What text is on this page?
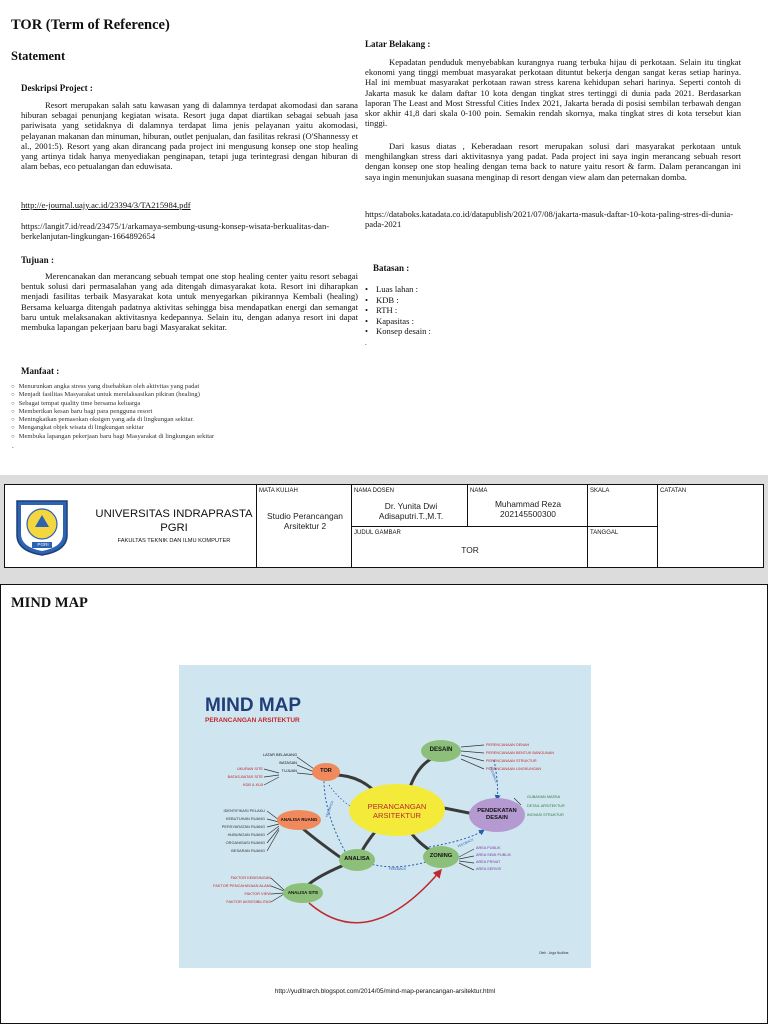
TOR (Term of Reference)
Statement
Deskripsi Project :

Resort merupakan salah satu kawasan yang di dalamnya terdapat akomodasi dan sarana hiburan sebagai penunjang kegiatan wisata. Resort juga dapat diartikan sebagai sebuah jasa pariwisata yang setidaknya di dalamnya terdapat lima jenis pelayanan yaitu akomodasi, pelayanan makanan dan minuman, hiburan, outlet penjualan, dan fasilitas rekrasi (O'Shannessy et al., 2001:5). Resort yang akan dirancang pada project ini mengusung konsep one stop healing yang artinya tidak hanya menyediakan penginapan, tetapi juga terintegrasi dengan hiburan di alam bebas, eco petualangan dan eduwisata.

http://e-journal.uajy.ac.id/23394/3/TA215984.pdf
https://langit7.id/read/23475/1/arkamaya-sembung-usung-konsep-wisata-berkualitas-dan-berkelanjutan-lingkungan-1664892654
Tujuan :

Merencanakan dan merancang sebuah tempat one stop healing center yaitu resort sebagai bentuk solusi dari permasalahan yang ada ditengah dimasyarakat kota. Resort ini diharapkan menjadi fasilitas terbaik Masyarakat kota untuk menyegarkan pikirannya Kembali (healing) Bersama keluarga ditengah padatnya aktivitas sehingga bisa mendapatkan energi dan semangat baru untuk melaksanakan aktivitasnya kedepannya. Selain itu, dengan adanya resort ini dapat membuka lapangan pekerjaan baru bagi Masyarakat sekitar.

Manfaat :
○ Menurunkan angka stress yang disebabkan oleh aktivitas yang padat
○ Menjadi fasilitas Masyarakat untuk merelaksasikan pikiran (healing)
○ Sebagai tempat quality time bersama keluarga
○ Memberikan kesan baru bagi para pengguna resort
○ Meningkatkan pemasokan oksigen yang ada di lingkungan sekitar.
○ Mengangkat objek wisata di lingkungan sekitar
○ Membuka lapangan pekerjaan baru bagi Masyarakat di lingkungan sekitar
.
Latar Belakang :

Kepadatan penduduk menyebabkan kurangnya ruang terbuka hijau di perkotaan. Selain itu tingkat ekonomi yang tinggi membuat masyarakat perkotaan dituntut bekerja dengan sangat keras setiap harinya. Hal ini membuat masyarakat perkotaan rawan stress karena kehidupan sehari harinya. Seperti contoh di Jakarta masuk ke dalam daftar 10 kota dengan tingkat stres tertinggi di dunia pada 2021. Berdasarkan laporan The Least and Most Stressful Cities Index 2021, Jakarta berada di posisi sembilan terbawah dengan skor akhir 41,8 dari skala 0-100 poin. Semakin rendah skornya, maka tingkat stres di kota tersebut kian tinggi.

Dari kasus diatas , Keberadaan resort merupakan solusi dari masyarakat perkotaan untuk menghilangkan stress dari aktivitasnya yang padat. Pada project ini saya ingin merancang sebuah resort dengan konsep one stop healing dengan tema back to nature yaitu resort & farm. Dalam perancangan ini saya ingin menunjukan suasana menginap di resort dengan view alam dan peternakan domba.

https://databoks.katadata.co.id/datapublish/2021/07/08/jakarta-masuk-daftar-10-kota-paling-stres-di-dunia-pada-2021
Batasan :
• Luas lahan :
• KDB :
• RTH :
• Kapasitas :
• Konsep desain :
.
PGRI
UNIVERSITAS INDRAPRASTA PGRI
FAKULTAS TEKNIK DAN ILMU KOMPUTER
MATA KULIAH
Studio Perancangan Arsitektur 2
NAMA DOSEN
Dr. Yunita Dwi Adisaputri.T.,M.T.
NAMA
Muhammad Reza 202145500300
SKALA	CATATAN
JUDUL GAMBAR
TOR
TANGGAL
MIND MAP
MIND MAP
PERANCANGAN ARSITEKTUR
PERANCANGAN ARSITEKTUR
TOR
DESAIN
PENDEKATAN DESAIN
ZONING
ANALISA
ANALISA RUANG
ANALISA SITE
LATAR BELAKANG
BATASAN
TUJUAN
UKURAN SITE
BATAS-BATAS SITE
KDB & KLB
PERENCANAAN DENAH
PERENCANAAN BENTUK BANGUNAN
PERENCANAAN STRUKTUR
PERENCANAAN LINGKUNGAN
GUBAHAN MASSA
DETAIL ARSITEKTUR
INOVASI STRUKTUR
AREA PUBLIK
AREA SEMI PUBLIK
AREA PRIVAT
AREA SERVIS
IDENTIFIKASI PELAKU
KEBUTUHAN RUANG
PERSYARATAN RUANG
HUBUNGAN RUANG
ORGANISASI RUANG
BESARAN RUANG
FAKTOR KEBISINGAN
FAKTOR PENCAHAYAAN ALAMI
FAKTOR VIEW
FAKTOR AKSESIBILITAS
FEEDBACK
FEEDBACK
FEEDBACK
FEEDBACK
Oleh : Arga Nudlina
http://yuditrarch.blogspot.com/2014/05/mind-map-perancangan-arsitektur.html
